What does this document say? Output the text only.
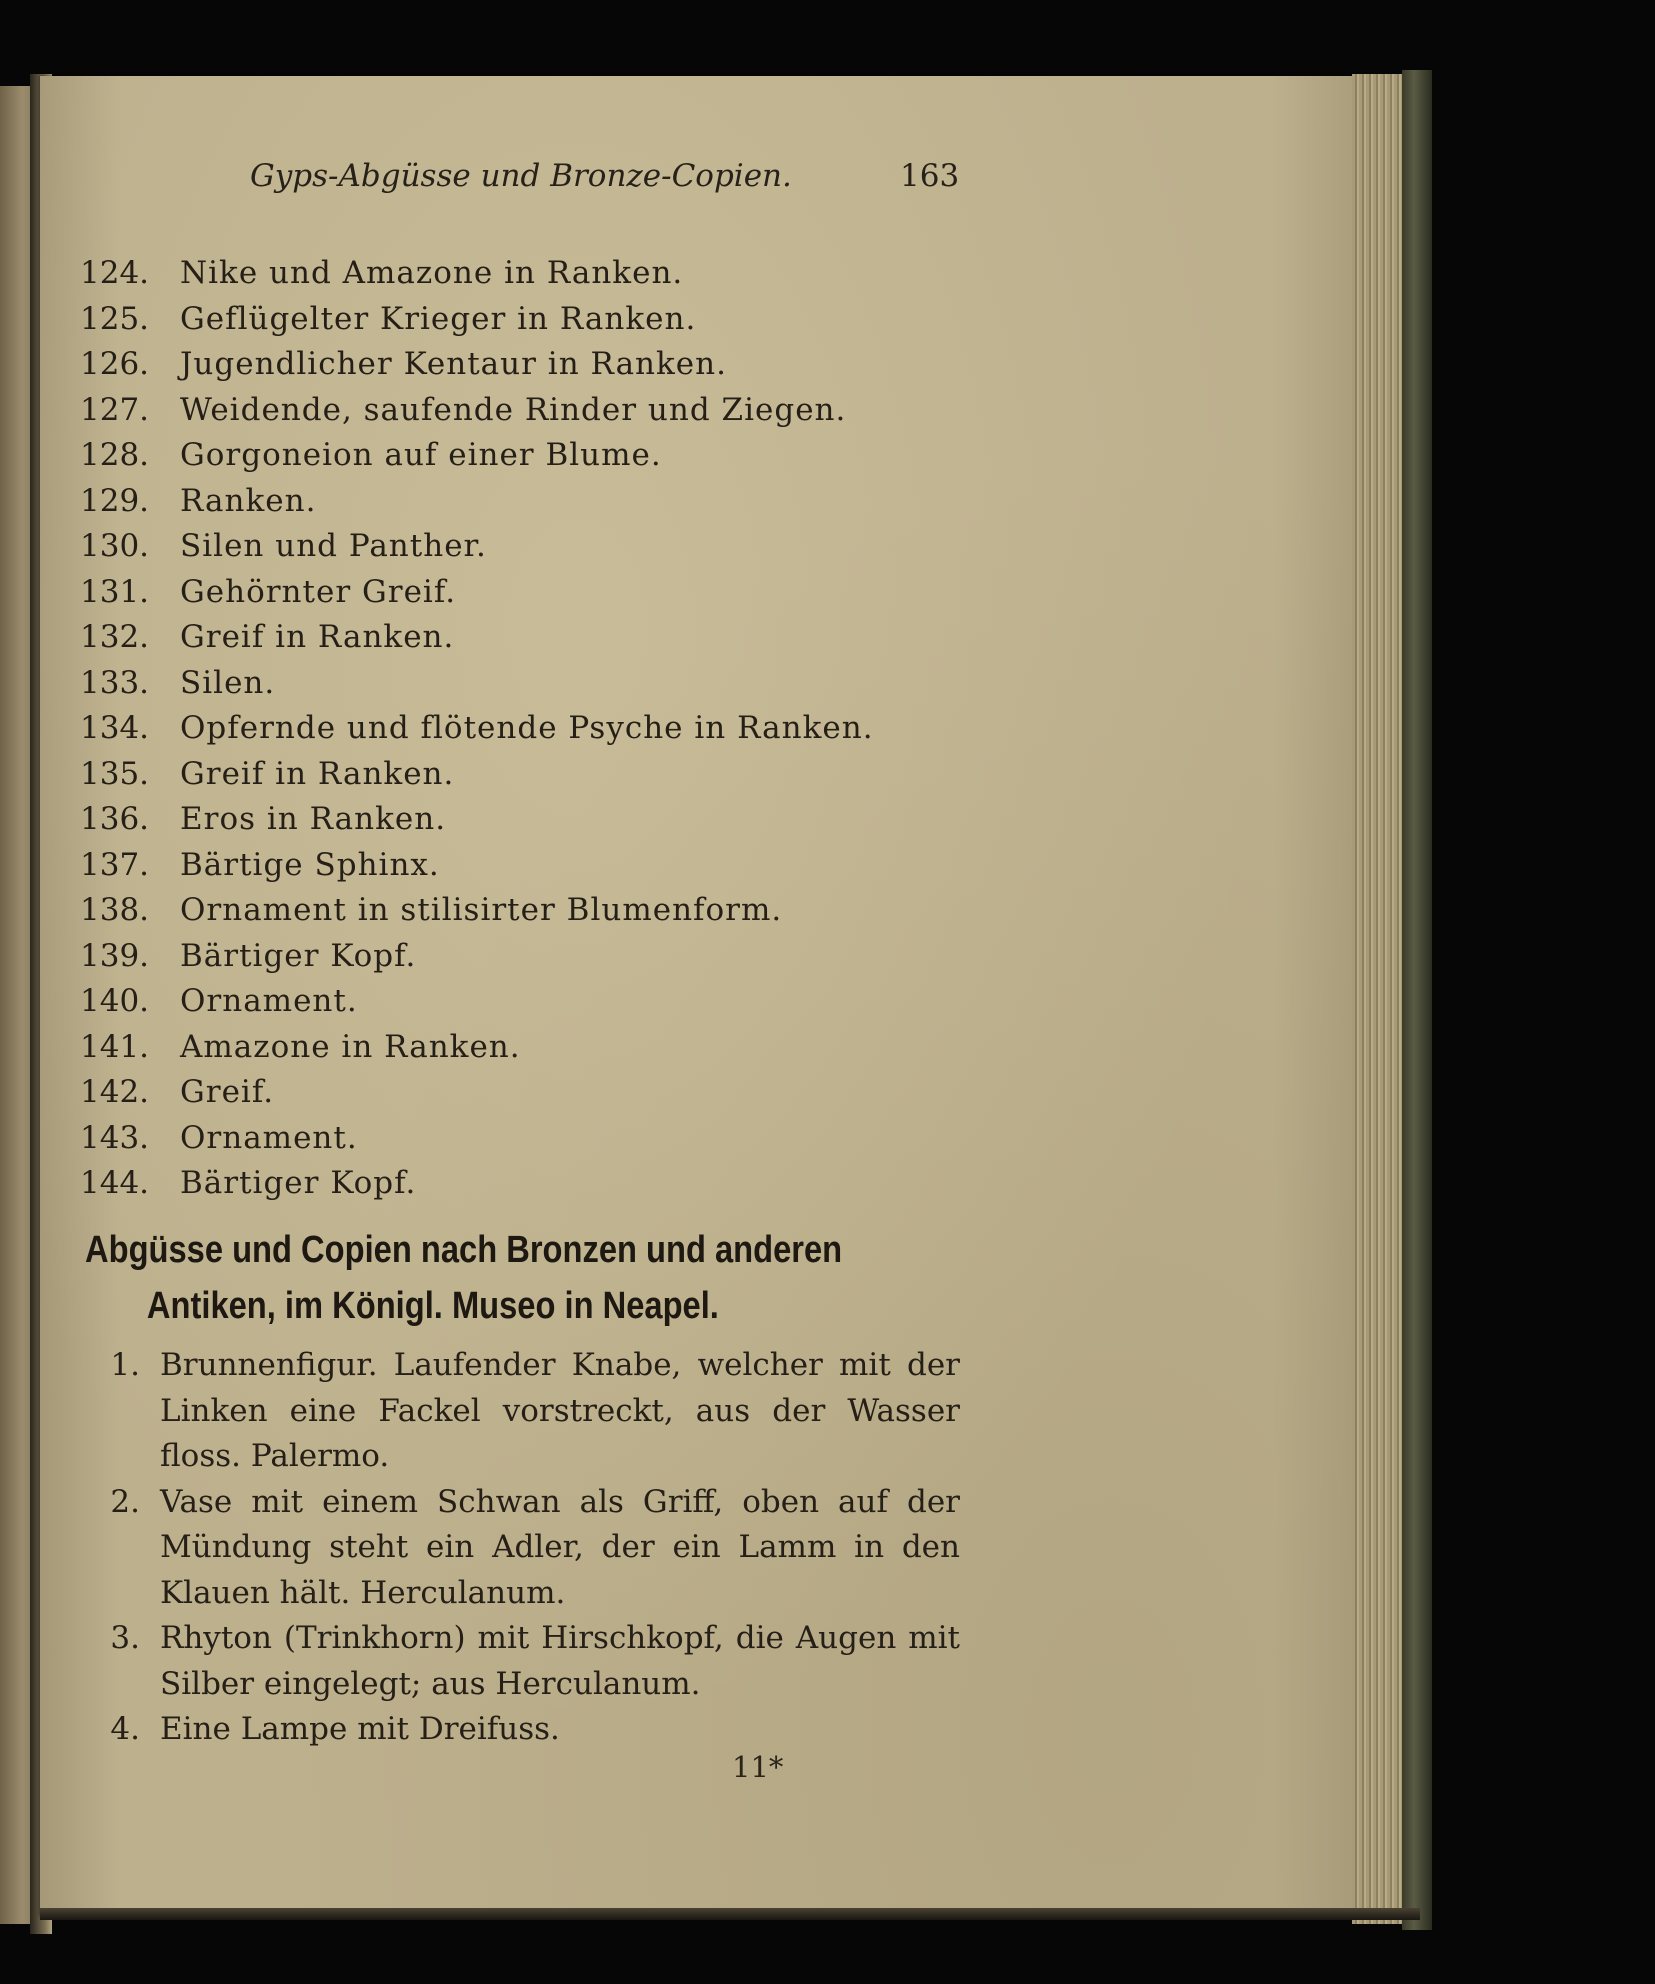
Gyps-Abgüsse und Bronze-Copien.	163
124. Nike und Amazone in Ranken.
125. Geflügelter Krieger in Ranken.
126. Jugendlicher Kentaur in Ranken.
127. Weidende, saufende Rinder und Ziegen.
128. Gorgoneion auf einer Blume.
129. Ranken.
130. Silen und Panther.
131. Gehörnter Greif.
132. Greif in Ranken.
133. Silen.
134. Opfernde und flötende Psyche in Ranken.
135. Greif in Ranken.
136. Eros in Ranken.
137. Bärtige Sphinx.
138. Ornament in stilisirter Blumenform.
139. Bärtiger Kopf.
140. Ornament.
141. Amazone in Ranken.
142. Greif.
143. Ornament.
144. Bärtiger Kopf.
Abgüsse und Copien nach Bronzen und anderen
Antiken, im Königl. Museo in Neapel.
1. Brunnenfigur. Laufender Knabe, welcher mit der Linken eine Fackel vorstreckt, aus der Wasser floss. Palermo.
2. Vase mit einem Schwan als Griff, oben auf der Mündung steht ein Adler, der ein Lamm in den Klauen hält. Herculanum.
3. Rhyton (Trinkhorn) mit Hirschkopf, die Augen mit Silber eingelegt; aus Herculanum.
4. Eine Lampe mit Dreifuss.
11*
